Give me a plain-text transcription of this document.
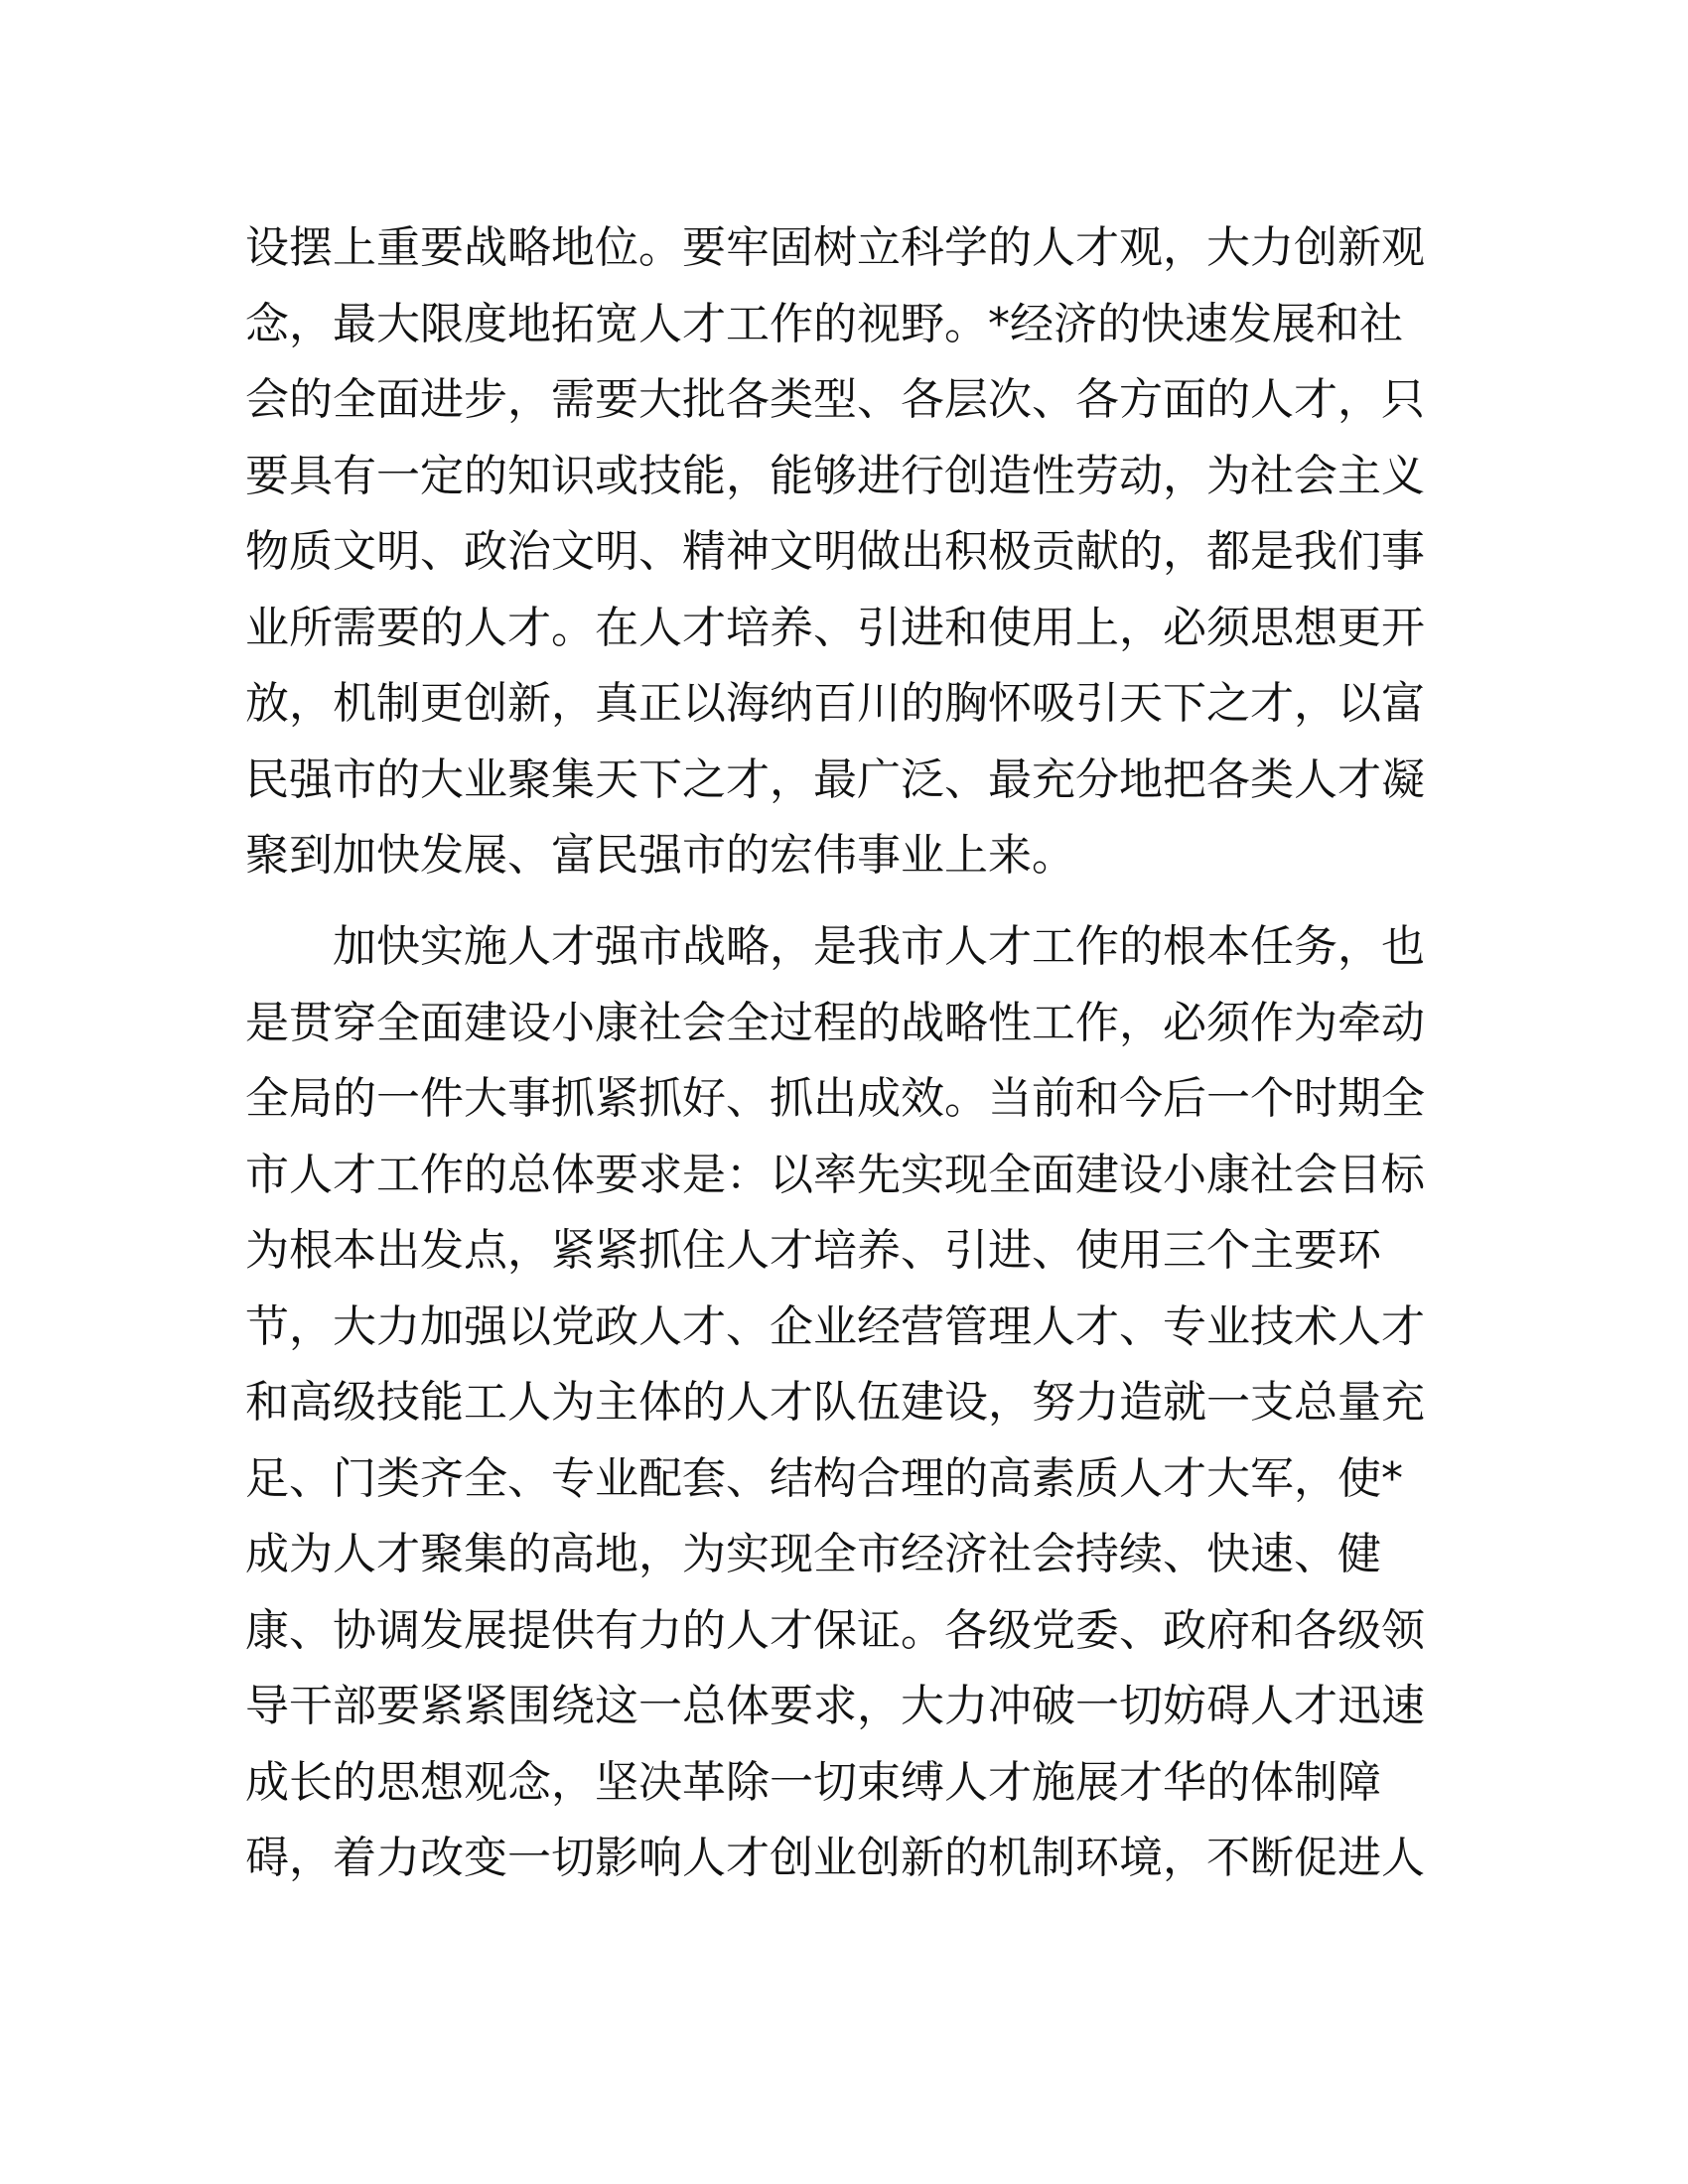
设摆上重要战略地位。要牢固树立科学的人才观，大力创新观
念，最大限度地拓宽人才工作的视野。*经济的快速发展和社
会的全面进步，需要大批各类型、各层次、各方面的人才，只
要具有一定的知识或技能，能够进行创造性劳动，为社会主义
物质文明、政治文明、精神文明做出积极贡献的，都是我们事
业所需要的人才。在人才培养、引进和使用上，必须思想更开
放，机制更创新，真正以海纳百川的胸怀吸引天下之才，以富
民强市的大业聚集天下之才，最广泛、最充分地把各类人才凝
聚到加快发展、富民强市的宏伟事业上来。
加快实施人才强市战略，是我市人才工作的根本任务，也
是贯穿全面建设小康社会全过程的战略性工作，必须作为牵动
全局的一件大事抓紧抓好、抓出成效。当前和今后一个时期全
市人才工作的总体要求是：以率先实现全面建设小康社会目标
为根本出发点，紧紧抓住人才培养、引进、使用三个主要环
节，大力加强以党政人才、企业经营管理人才、专业技术人才
和高级技能工人为主体的人才队伍建设，努力造就一支总量充
足、门类齐全、专业配套、结构合理的高素质人才大军，使*
成为人才聚集的高地，为实现全市经济社会持续、快速、健
康、协调发展提供有力的人才保证。各级党委、政府和各级领
导干部要紧紧围绕这一总体要求，大力冲破一切妨碍人才迅速
成长的思想观念，坚决革除一切束缚人才施展才华的体制障
碍，着力改变一切影响人才创业创新的机制环境，不断促进人
